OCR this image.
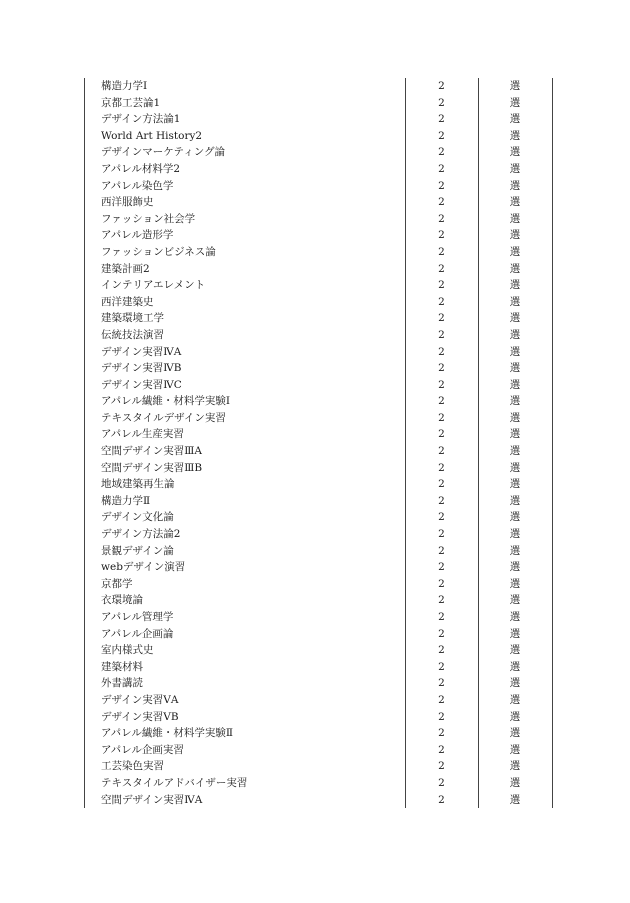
構造力学Ⅰ	2	選
京都工芸論1	2	選
デザイン方法論1	2	選
World Art History2	2	選
デザインマーケティング論	2	選
アパレル材料学2	2	選
アパレル染色学	2	選
西洋服飾史	2	選
ファッション社会学	2	選
アパレル造形学	2	選
ファッションビジネス論	2	選
建築計画2	2	選
インテリアエレメント	2	選
西洋建築史	2	選
建築環境工学	2	選
伝統技法演習	2	選
デザイン実習ⅣA	2	選
デザイン実習ⅣB	2	選
デザイン実習ⅣC	2	選
アパレル繊維・材料学実験Ⅰ	2	選
テキスタイルデザイン実習	2	選
アパレル生産実習	2	選
空間デザイン実習ⅢA	2	選
空間デザイン実習ⅢB	2	選
地域建築再生論	2	選
構造力学Ⅱ	2	選
デザイン文化論	2	選
デザイン方法論2	2	選
景観デザイン論	2	選
webデザイン演習	2	選
京都学	2	選
衣環境論	2	選
アパレル管理学	2	選
アパレル企画論	2	選
室内様式史	2	選
建築材料	2	選
外書講読	2	選
デザイン実習ⅤA	2	選
デザイン実習ⅤB	2	選
アパレル繊維・材料学実験Ⅱ	2	選
アパレル企画実習	2	選
工芸染色実習	2	選
テキスタイルアドバイザー実習	2	選
空間デザイン実習ⅣA	2	選
